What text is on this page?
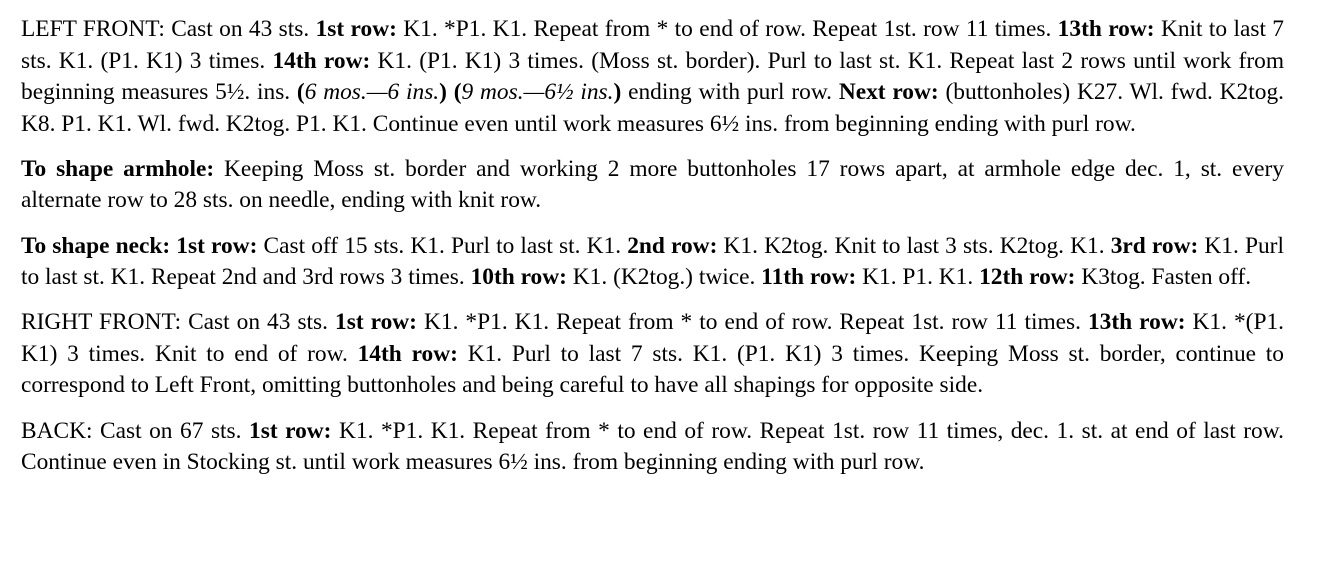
LEFT FRONT: Cast on 43 sts. 1st row: K1. *P1. K1. Repeat from * to end of row. Repeat 1st. row 11 times. 13th row: Knit to last 7 sts. K1. (P1. K1) 3 times. 14th row: K1. (P1. K1) 3 times. (Moss st. border). Purl to last st. K1. Repeat last 2 rows until work from beginning measures 5½. ins. (6 mos.—6 ins.) (9 mos.—6½ ins.) ending with purl row. Next row: (buttonholes) K27. Wl. fwd. K2tog. K8. P1. K1. Wl. fwd. K2tog. P1. K1. Continue even until work measures 6½ ins. from beginning ending with purl row.

To shape armhole: Keeping Moss st. border and working 2 more buttonholes 17 rows apart, at armhole edge dec. 1, st. every alternate row to 28 sts. on needle, ending with knit row.

To shape neck: 1st row: Cast off 15 sts. K1. Purl to last st. K1. 2nd row: K1. K2tog. Knit to last 3 sts. K2tog. K1. 3rd row: K1. Purl to last st. K1. Repeat 2nd and 3rd rows 3 times. 10th row: K1. (K2tog.) twice. 11th row: K1. P1. K1. 12th row: K3tog. Fasten off.

RIGHT FRONT: Cast on 43 sts. 1st row: K1. *P1. K1. Repeat from * to end of row. Repeat 1st. row 11 times. 13th row: K1. *(P1. K1) 3 times. Knit to end of row. 14th row: K1. Purl to last 7 sts. K1. (P1. K1) 3 times. Keeping Moss st. border, continue to correspond to Left Front, omitting buttonholes and being careful to have all shapings for opposite side.

BACK: Cast on 67 sts. 1st row: K1. *P1. K1. Repeat from * to end of row. Repeat 1st. row 11 times, dec. 1. st. at end of last row. Continue even in Stocking st. until work measures 6½ ins. from beginning ending with purl row.
